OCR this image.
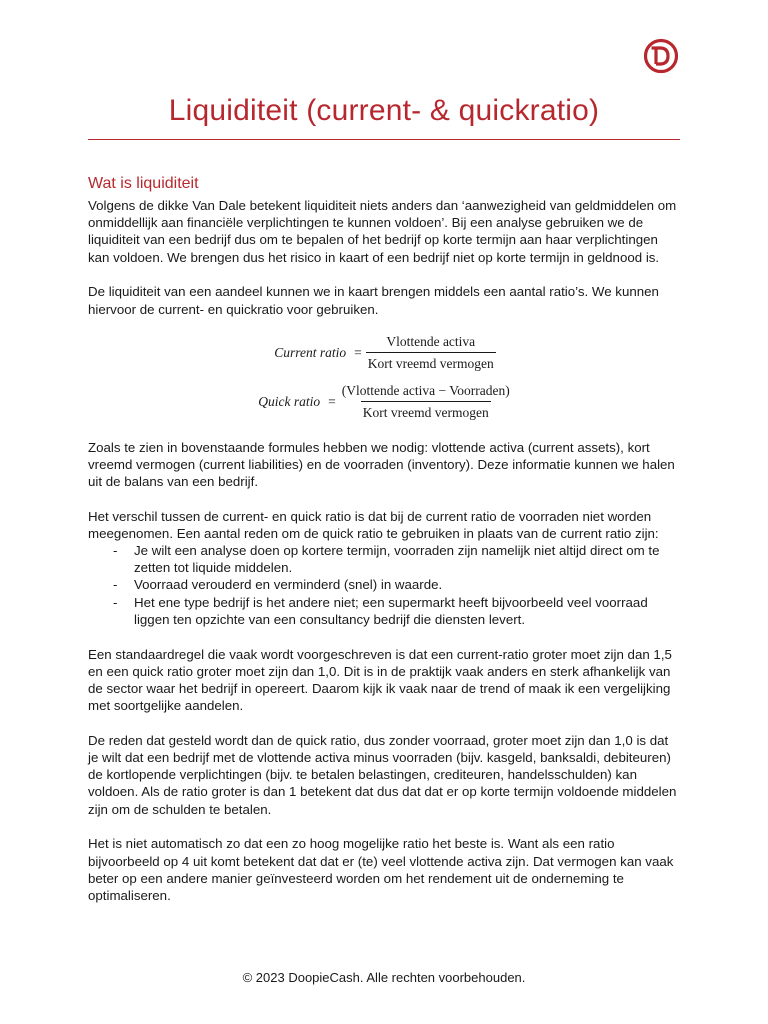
Liquiditeit (current- & quickratio)
Wat is liquiditeit

Volgens de dikke Van Dale betekent liquiditeit niets anders dan ‘aanwezigheid van geldmiddelen om onmiddellijk aan financiële verplichtingen te kunnen voldoen’. Bij een analyse gebruiken we de liquiditeit van een bedrijf dus om te bepalen of het bedrijf op korte termijn aan haar verplichtingen kan voldoen. We brengen dus het risico in kaart of een bedrijf niet op korte termijn in geldnood is.

De liquiditeit van een aandeel kunnen we in kaart brengen middels een aantal ratio’s. We kunnen hiervoor de current- en quickratio voor gebruiken.

Current ratio = $\frac{\text{Vlottende activa}}{\text{Kort vreemd vermogen}}$
Quick ratio = $\frac{\text{(Vlottende activa − Voorraden)}}{\text{Kort vreemd vermogen}}$

Zoals te zien in bovenstaande formules hebben we nodig: vlottende activa (current assets), kort vreemd vermogen (current liabilities) en de voorraden (inventory). Deze informatie kunnen we halen uit de balans van een bedrijf.

Het verschil tussen de current- en quick ratio is dat bij de current ratio de voorraden niet worden meegenomen. Een aantal reden om de quick ratio te gebruiken in plaats van de current ratio zijn:

- Je wilt een analyse doen op kortere termijn, voorraden zijn namelijk niet altijd direct om te zetten tot liquide middelen.
- Voorraad verouderd en verminderd (snel) in waarde.
- Het ene type bedrijf is het andere niet; een supermarkt heeft bijvoorbeeld veel voorraad liggen ten opzichte van een consultancy bedrijf die diensten levert.

Een standaardregel die vaak wordt voorgeschreven is dat een current-ratio groter moet zijn dan 1,5 en een quick ratio groter moet zijn dan 1,0. Dit is in de praktijk vaak anders en sterk afhankelijk van de sector waar het bedrijf in opereert. Daarom kijk ik vaak naar de trend of maak ik een vergelijking met soortgelijke aandelen.

De reden dat gesteld wordt dan de quick ratio, dus zonder voorraad, groter moet zijn dan 1,0 is dat je wilt dat een bedrijf met de vlottende activa minus voorraden (bijv. kasgeld, banksaldi, debiteuren) de kortlopende verplichtingen (bijv. te betalen belastingen, crediteuren, handelsschulden) kan voldoen. Als de ratio groter is dan 1 betekent dat dus dat dat er op korte termijn voldoende middelen zijn om de schulden te betalen.

Het is niet automatisch zo dat een zo hoog mogelijke ratio het beste is. Want als een ratio bijvoorbeeld op 4 uit komt betekent dat dat er (te) veel vlottende activa zijn. Dat vermogen kan vaak beter op een andere manier geïnvesteerd worden om het rendement uit de onderneming te optimaliseren.

© 2023 DoopieCash. Alle rechten voorbehouden.
